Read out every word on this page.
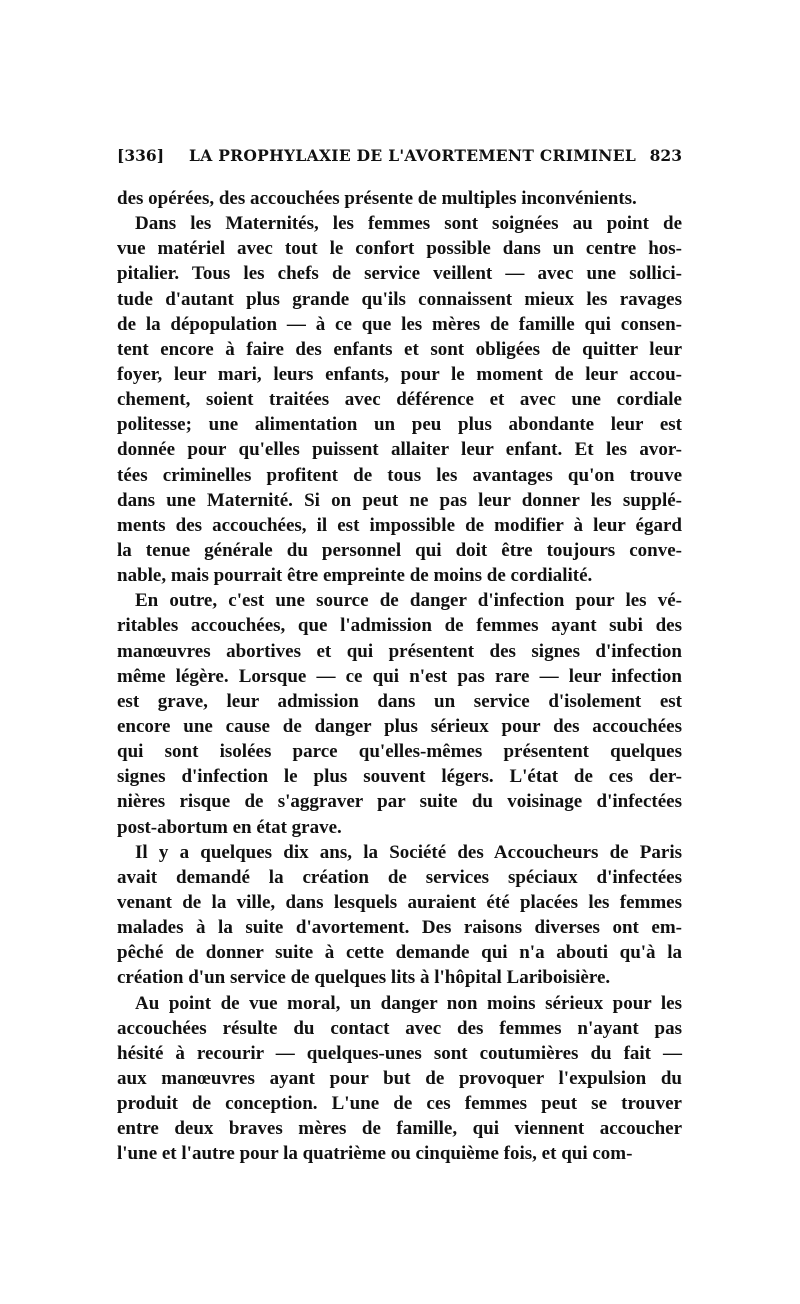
[336] LA PROPHYLAXIE DE L'AVORTEMENT CRIMINEL 823
des opérées, des accouchées présente de multiples inconvénients.
Dans les Maternités, les femmes sont soignées au point de
vue matériel avec tout le confort possible dans un centre hos-
pitalier. Tous les chefs de service veillent — avec une sollici-
tude d'autant plus grande qu'ils connaissent mieux les ravages
de la dépopulation — à ce que les mères de famille qui consen-
tent encore à faire des enfants et sont obligées de quitter leur
foyer, leur mari, leurs enfants, pour le moment de leur accou-
chement, soient traitées avec déférence et avec une cordiale
politesse; une alimentation un peu plus abondante leur est
donnée pour qu'elles puissent allaiter leur enfant. Et les avor-
tées criminelles profitent de tous les avantages qu'on trouve
dans une Maternité. Si on peut ne pas leur donner les supplé-
ments des accouchées, il est impossible de modifier à leur égard
la tenue générale du personnel qui doit être toujours conve-
nable, mais pourrait être empreinte de moins de cordialité.
En outre, c'est une source de danger d'infection pour les vé-
ritables accouchées, que l'admission de femmes ayant subi des
manœuvres abortives et qui présentent des signes d'infection
même légère. Lorsque — ce qui n'est pas rare — leur infection
est grave, leur admission dans un service d'isolement est
encore une cause de danger plus sérieux pour des accouchées
qui sont isolées parce qu'elles-mêmes présentent quelques
signes d'infection le plus souvent légers. L'état de ces der-
nières risque de s'aggraver par suite du voisinage d'infectées
post-abortum en état grave.
Il y a quelques dix ans, la Société des Accoucheurs de Paris
avait demandé la création de services spéciaux d'infectées
venant de la ville, dans lesquels auraient été placées les femmes
malades à la suite d'avortement. Des raisons diverses ont em-
pêché de donner suite à cette demande qui n'a abouti qu'à la
création d'un service de quelques lits à l'hôpital Lariboisière.
Au point de vue moral, un danger non moins sérieux pour les
accouchées résulte du contact avec des femmes n'ayant pas
hésité à recourir — quelques-unes sont coutumières du fait —
aux manœuvres ayant pour but de provoquer l'expulsion du
produit de conception. L'une de ces femmes peut se trouver
entre deux braves mères de famille, qui viennent accoucher
l'une et l'autre pour la quatrième ou cinquième fois, et qui com-
